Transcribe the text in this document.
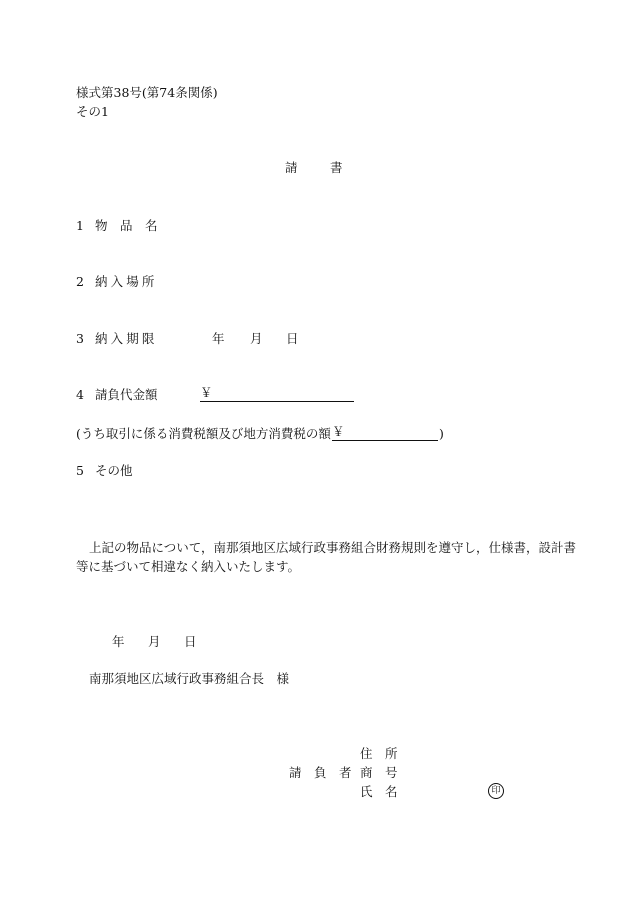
様式第38号(第74条関係)
その1
請	書
1 物　品　名
2 納入場所
3 納入期限	年 月 日
4 請負代金額	￥
(うち取引に係る消費税額及び地方消費税の額 ￥	)
5 その他
上記の物品について，南那須地区広域行政事務組合財務規則を遵守し，仕様書，設計書
等に基づいて相違なく納入いたします。
年 月 日
南那須地区広域行政事務組合長　様
住　所
請　負　者 商　号
氏　名	印
